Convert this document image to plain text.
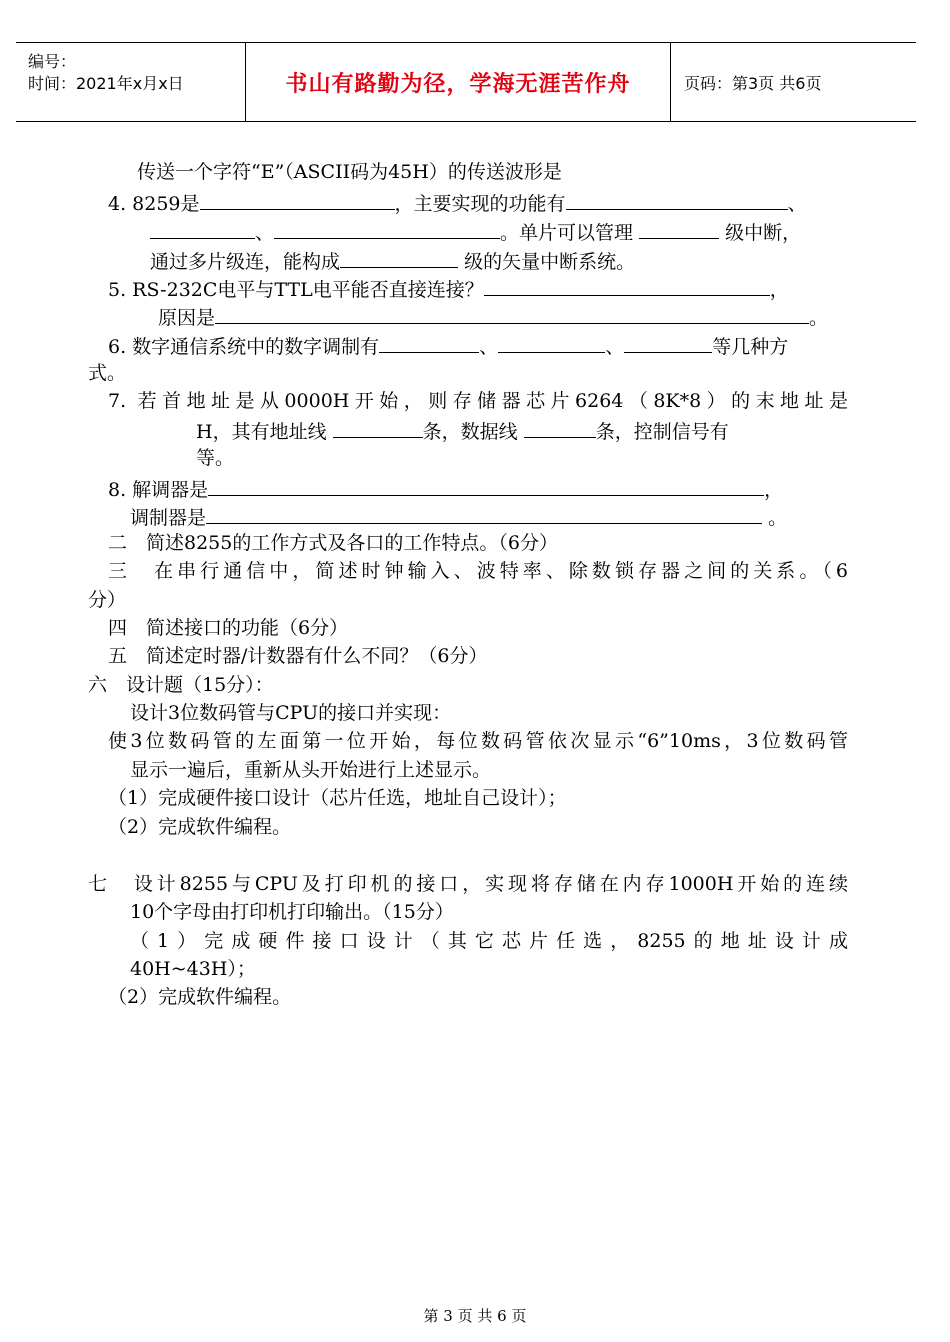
编号：
时间：2021年x月x日	书山有路勤为径，学海无涯苦作舟	页码：第3页 共6页
传送一个字符“E”（ASCII码为45H）的传送波形是
4. 8259是	，主要实现的功能有	、
、	。单片可以管理	级中断，
通过多片级连，能构成	级的矢量中断系统。
5. RS-232C电平与TTL电平能否直接连接？	，
原因是	。
6. 数字通信系统中的数字调制有	、	、	等几种方
式。
7. 若首地址是从0000H开始，则存储器芯片6264（8K*8）的末地址是
H，其有地址线	条，数据线	条，控制信号有
等。
8. 解调器是	，
调制器是	。
二　简述8255的工作方式及各口的工作特点。（6分）
三　在串行通信中，简述时钟输入、波特率、除数锁存器之间的关系。（6
分）
四　简述接口的功能（6分）
五　简述定时器/计数器有什么不同？（6分）
六　设计题（15分）：
设计3位数码管与CPU的接口并实现：
使3位数码管的左面第一位开始，每位数码管依次显示“6”10ms，3位数码管
显示一遍后，重新从头开始进行上述显示。
（1）完成硬件接口设计（芯片任选，地址自己设计）；
（2）完成软件编程。
七　设计8255与CPU及打印机的接口，实现将存储在内存1000H开始的连续
10个字母由打印机打印输出。（15分）
（1）完成硬件接口设计（其它芯片任选，8255的地址设计成
40H~43H）；
（2）完成软件编程。
第 3 页 共 6 页
